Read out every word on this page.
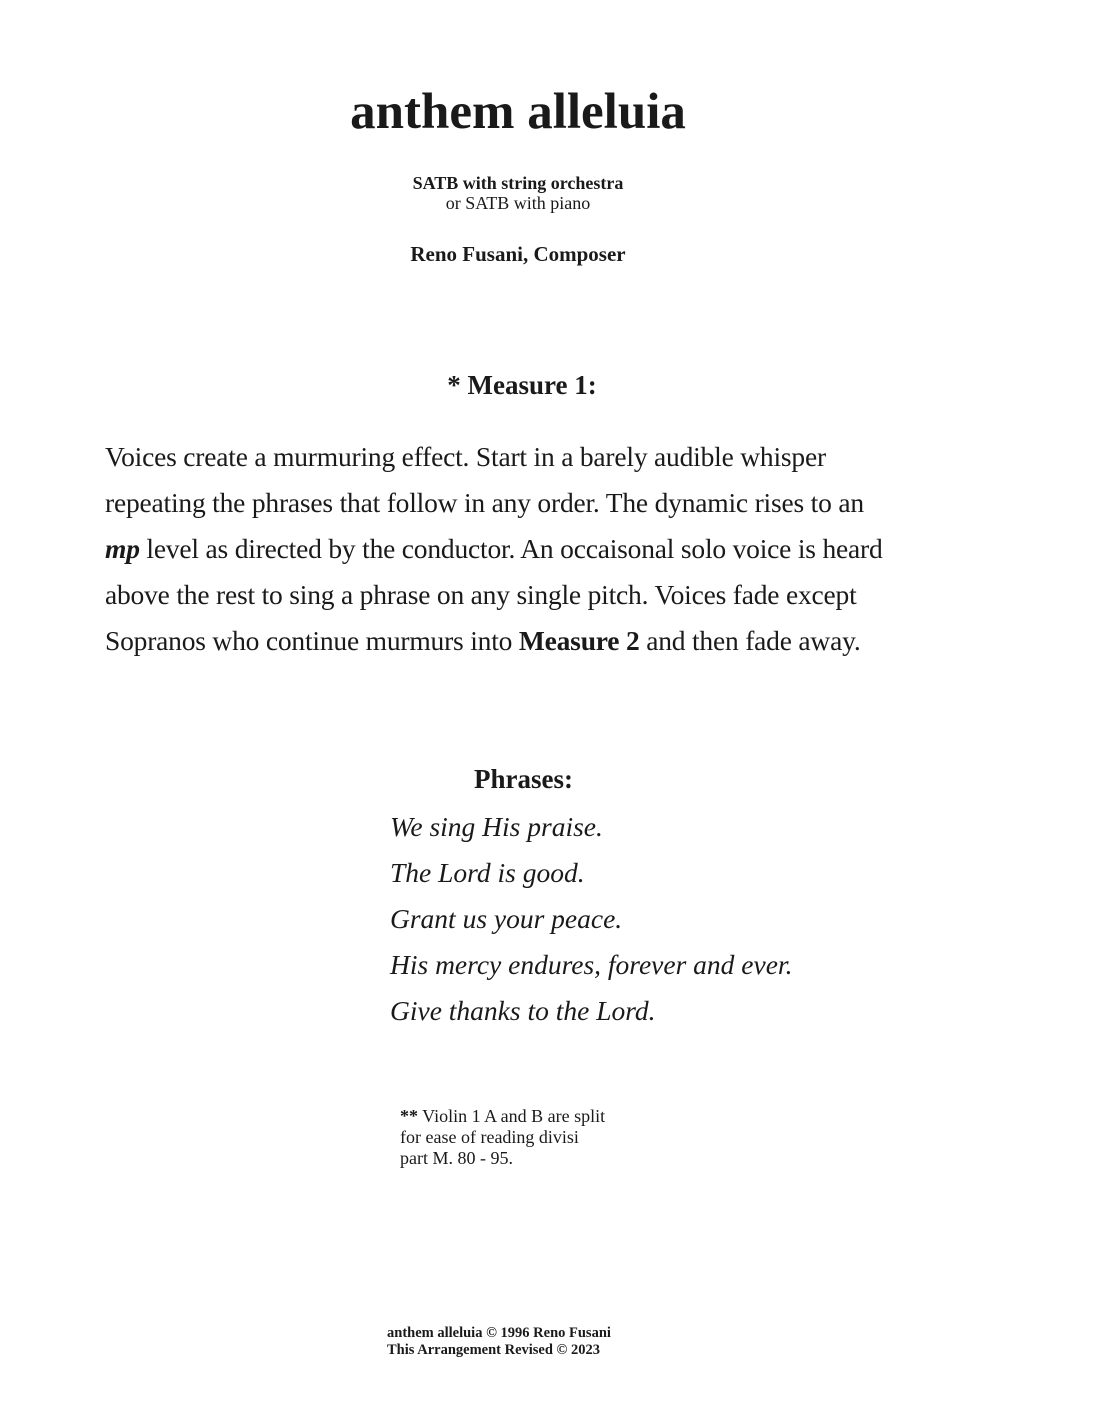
anthem alleluia
SATB with string orchestra
or SATB with piano
Reno Fusani, Composer
* Measure 1:
Voices create a murmuring effect. Start in a barely audible whisper
repeating the phrases that follow in any order. The dynamic rises to an
mp level as directed by the conductor. An occaisonal solo voice is heard
above the rest to sing a phrase on any single pitch. Voices fade except
Sopranos who continue murmurs into Measure 2 and then fade away.
Phrases:
We sing His praise.
The Lord is good.
Grant us your peace.
His mercy endures, forever and ever.
Give thanks to the Lord.
** Violin 1 A and B are split
for ease of reading divisi
part M. 80 - 95.
anthem alleluia © 1996 Reno Fusani
This Arrangement Revised © 2023
